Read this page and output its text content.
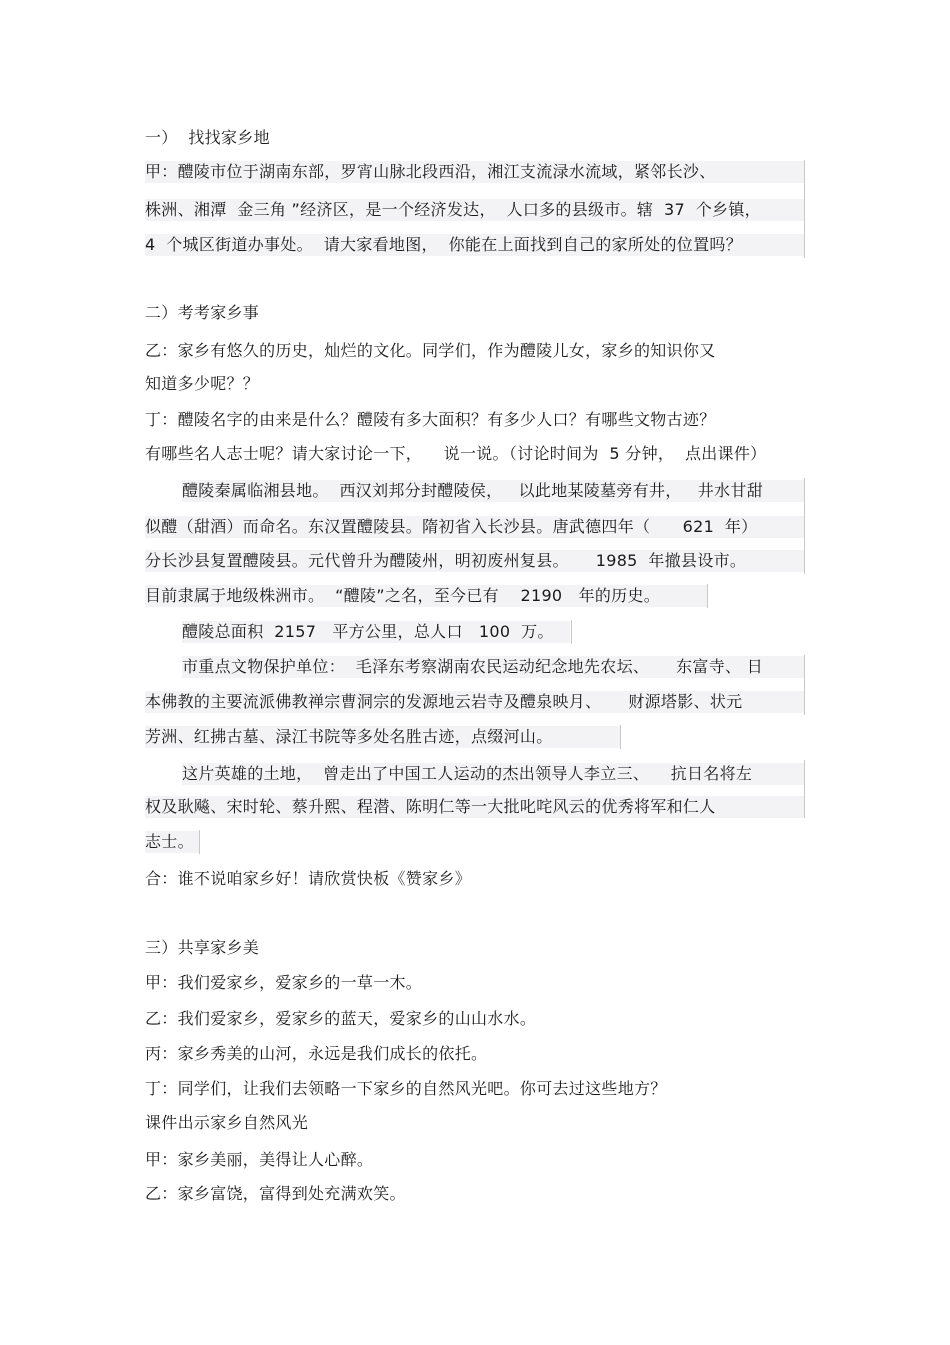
一）  找找家乡地
甲：醴陵市位于湖南东部，罗宵山脉北段西沿，湘江支流渌水流域，紧邻长沙、
株洲、湘潭  金三角 ”经济区，是一个经济发达，  人口多的县级市。辖  37  个乡镇，
4  个城区街道办事处。  请大家看地图，  你能在上面找到自己的家所处的位置吗？
二）考考家乡事
乙：家乡有悠久的历史，灿烂的文化。同学们，作为醴陵儿女，家乡的知识你又
知道多少呢？？
丁：醴陵名字的由来是什么？醴陵有多大面积？有多少人口？有哪些文物古迹？
有哪些名人志士呢？请大家讨论一下，    说一说。（讨论时间为  5 分钟，  点出课件）
醴陵秦属临湘县地。  西汉刘邦分封醴陵侯，   以此地某陵墓旁有井，   井水甘甜
似醴（甜酒）而命名。东汉置醴陵县。隋初省入长沙县。唐武德四年（      621  年）
分长沙县复置醴陵县。元代曾升为醴陵州，明初废州复县。     1985  年撤县设市。
目前隶属于地级株洲市。  “醴陵”之名，至今已有    2190   年的历史。
醴陵总面积  2157   平方公里，总人口   100  万。
市重点文物保护单位：  毛泽东考察湖南农民运动纪念地先农坛、     东富寺、 日
本佛教的主要流派佛教禅宗曹洞宗的发源地云岩寺及醴泉映月、     财源塔影、状元
芳洲、红拂古墓、渌江书院等多处名胜古迹，点缀河山。
这片英雄的土地，  曾走出了中国工人运动的杰出领导人李立三、    抗日名将左
权及耿飚、宋时轮、蔡升熙、程潜、陈明仁等一大批叱咤风云的优秀将军和仁人
志士。
合：谁不说咱家乡好！请欣赏快板《赞家乡》
三）共享家乡美
甲：我们爱家乡，爱家乡的一草一木。
乙：我们爱家乡，爱家乡的蓝天，爱家乡的山山水水。
丙：家乡秀美的山河，永远是我们成长的依托。
丁：同学们，让我们去领略一下家乡的自然风光吧。你可去过这些地方？
课件出示家乡自然风光
甲：家乡美丽，美得让人心醉。
乙：家乡富饶，富得到处充满欢笑。
